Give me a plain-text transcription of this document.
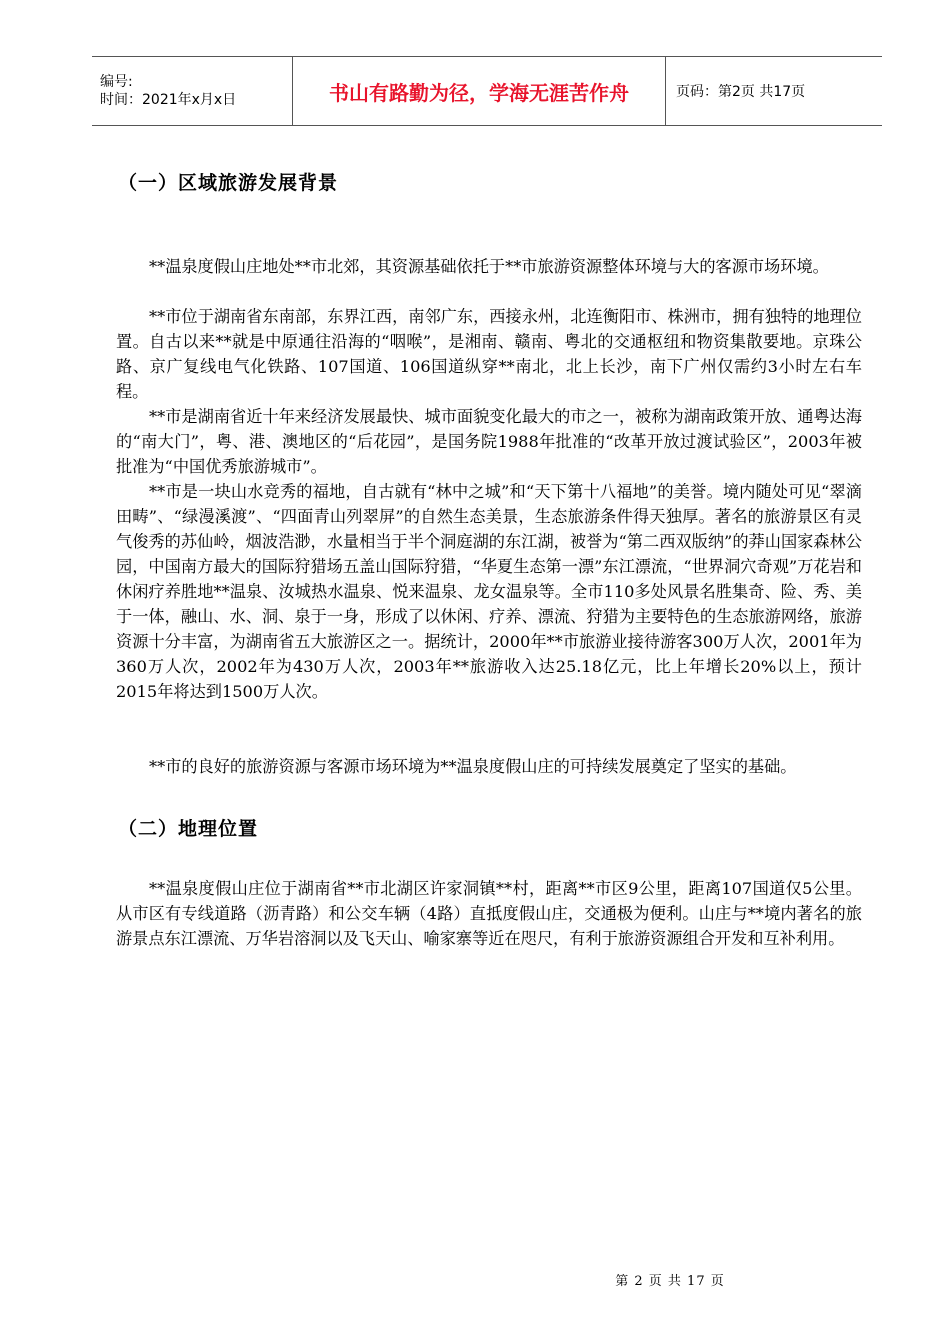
编号:
时间：2021年x月x日	书山有路勤为径，学海无涯苦作舟	页码：第2页 共17页
（一）区域旅游发展背景

**温泉度假山庄地处**市北郊，其资源基础依托于**市旅游资源整体环境与大的客源市场环境。

**市位于湖南省东南部，东界江西，南邻广东，西接永州，北连衡阳市、株洲市，拥有独特的地理位置。自古以来**就是中原通往沿海的“咽喉”，是湘南、赣南、粤北的交通枢纽和物资集散要地。京珠公路、京广复线电气化铁路、107国道、106国道纵穿**南北，北上长沙，南下广州仅需约3小时左右车程。

**市是湖南省近十年来经济发展最快、城市面貌变化最大的市之一，被称为湖南政策开放、通粤达海的“南大门”，粤、港、澳地区的“后花园”，是国务院1988年批准的“改革开放过渡试验区”，2003年被批准为“中国优秀旅游城市”。

**市是一块山水竞秀的福地，自古就有“林中之城”和“天下第十八福地”的美誉。境内随处可见“翠滴田畴”、“绿漫溪渡”、“四面青山列翠屏”的自然生态美景，生态旅游条件得天独厚。著名的旅游景区有灵气俊秀的苏仙岭，烟波浩渺，水量相当于半个洞庭湖的东江湖，被誉为“第二西双版纳”的莽山国家森林公园，中国南方最大的国际狩猎场五盖山国际狩猎，“华夏生态第一漂”东江漂流，“世界洞穴奇观”万花岩和休闲疗养胜地**温泉、汝城热水温泉、悦来温泉、龙女温泉等。全市110多处风景名胜集奇、险、秀、美于一体，融山、水、洞、泉于一身，形成了以休闲、疗养、漂流、狩猎为主要特色的生态旅游网络，旅游资源十分丰富，为湖南省五大旅游区之一。据统计，2000年**市旅游业接待游客300万人次，2001年为360万人次，2002年为430万人次，2003年**旅游收入达25.18亿元，比上年增长20%以上，预计2015年将达到1500万人次。

**市的良好的旅游资源与客源市场环境为**温泉度假山庄的可持续发展奠定了坚实的基础。

（二）地理位置

**温泉度假山庄位于湖南省**市北湖区许家洞镇**村，距离**市区9公里，距离107国道仅5公里。从市区有专线道路（沥青路）和公交车辆（4路）直抵度假山庄，交通极为便利。山庄与**境内著名的旅游景点东江漂流、万华岩溶洞以及飞天山、喻家寨等近在咫尺，有利于旅游资源组合开发和互补利用。

第 2 页 共 17 页
